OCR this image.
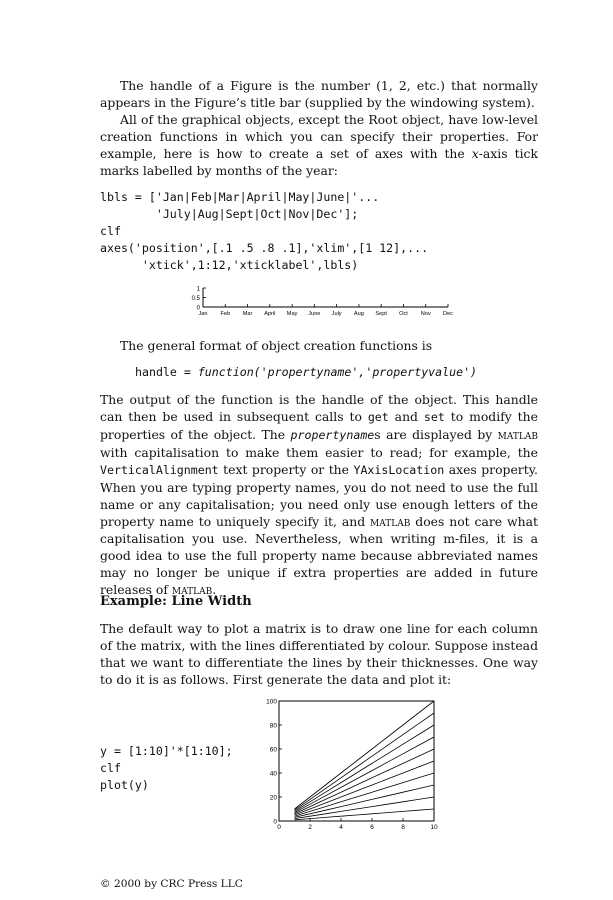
The handle of a Figure is the number (1, 2, etc.) that normally appears in the Figure’s title bar (supplied by the windowing system).

All of the graphical objects, except the Root object, have low-level creation functions in which you can specify their properties. For example, here is how to create a set of axes with the x-axis tick marks labelled by months of the year:

lbls = ['Jan|Feb|Mar|April|May|June|'...
'July|Aug|Sept|Oct|Nov|Dec'];
clf
axes('position',[.1 .5 .8 .1],'xlim',[1 12],...
'xtick',1:12,'xticklabel',lbls)
1
0.5
0
Jan Feb Mar April May June July Aug Sept Oct Nov Dec

The general format of object creation functions is

handle = function('propertyname','propertyvalue')

The output of the function is the handle of the object. This handle can then be used in subsequent calls to get and set to modify the properties of the object. The propertynames are displayed by matlab with capitalisation to make them easier to read; for example, the VerticalAlignment text property or the YAxisLocation axes property. When you are typing property names, you do not need to use the full name or any capitalisation; you need only use enough letters of the property name to uniquely specify it, and matlab does not care what capitalisation you use. Nevertheless, when writing m-files, it is a good idea to use the full property name because abbreviated names may no longer be unique if extra properties are added in future releases of matlab.

Example: Line Width

The default way to plot a matrix is to draw one line for each column of the matrix, with the lines differentiated by colour. Suppose instead that we want to differentiate the lines by their thicknesses. One way to do it is as follows. First generate the data and plot it:

y = [1:10]'*[1:10];
clf
plot(y)
0	2	4	6	8	10
0
20
40
60
80
100

© 2000 by CRC Press LLC
